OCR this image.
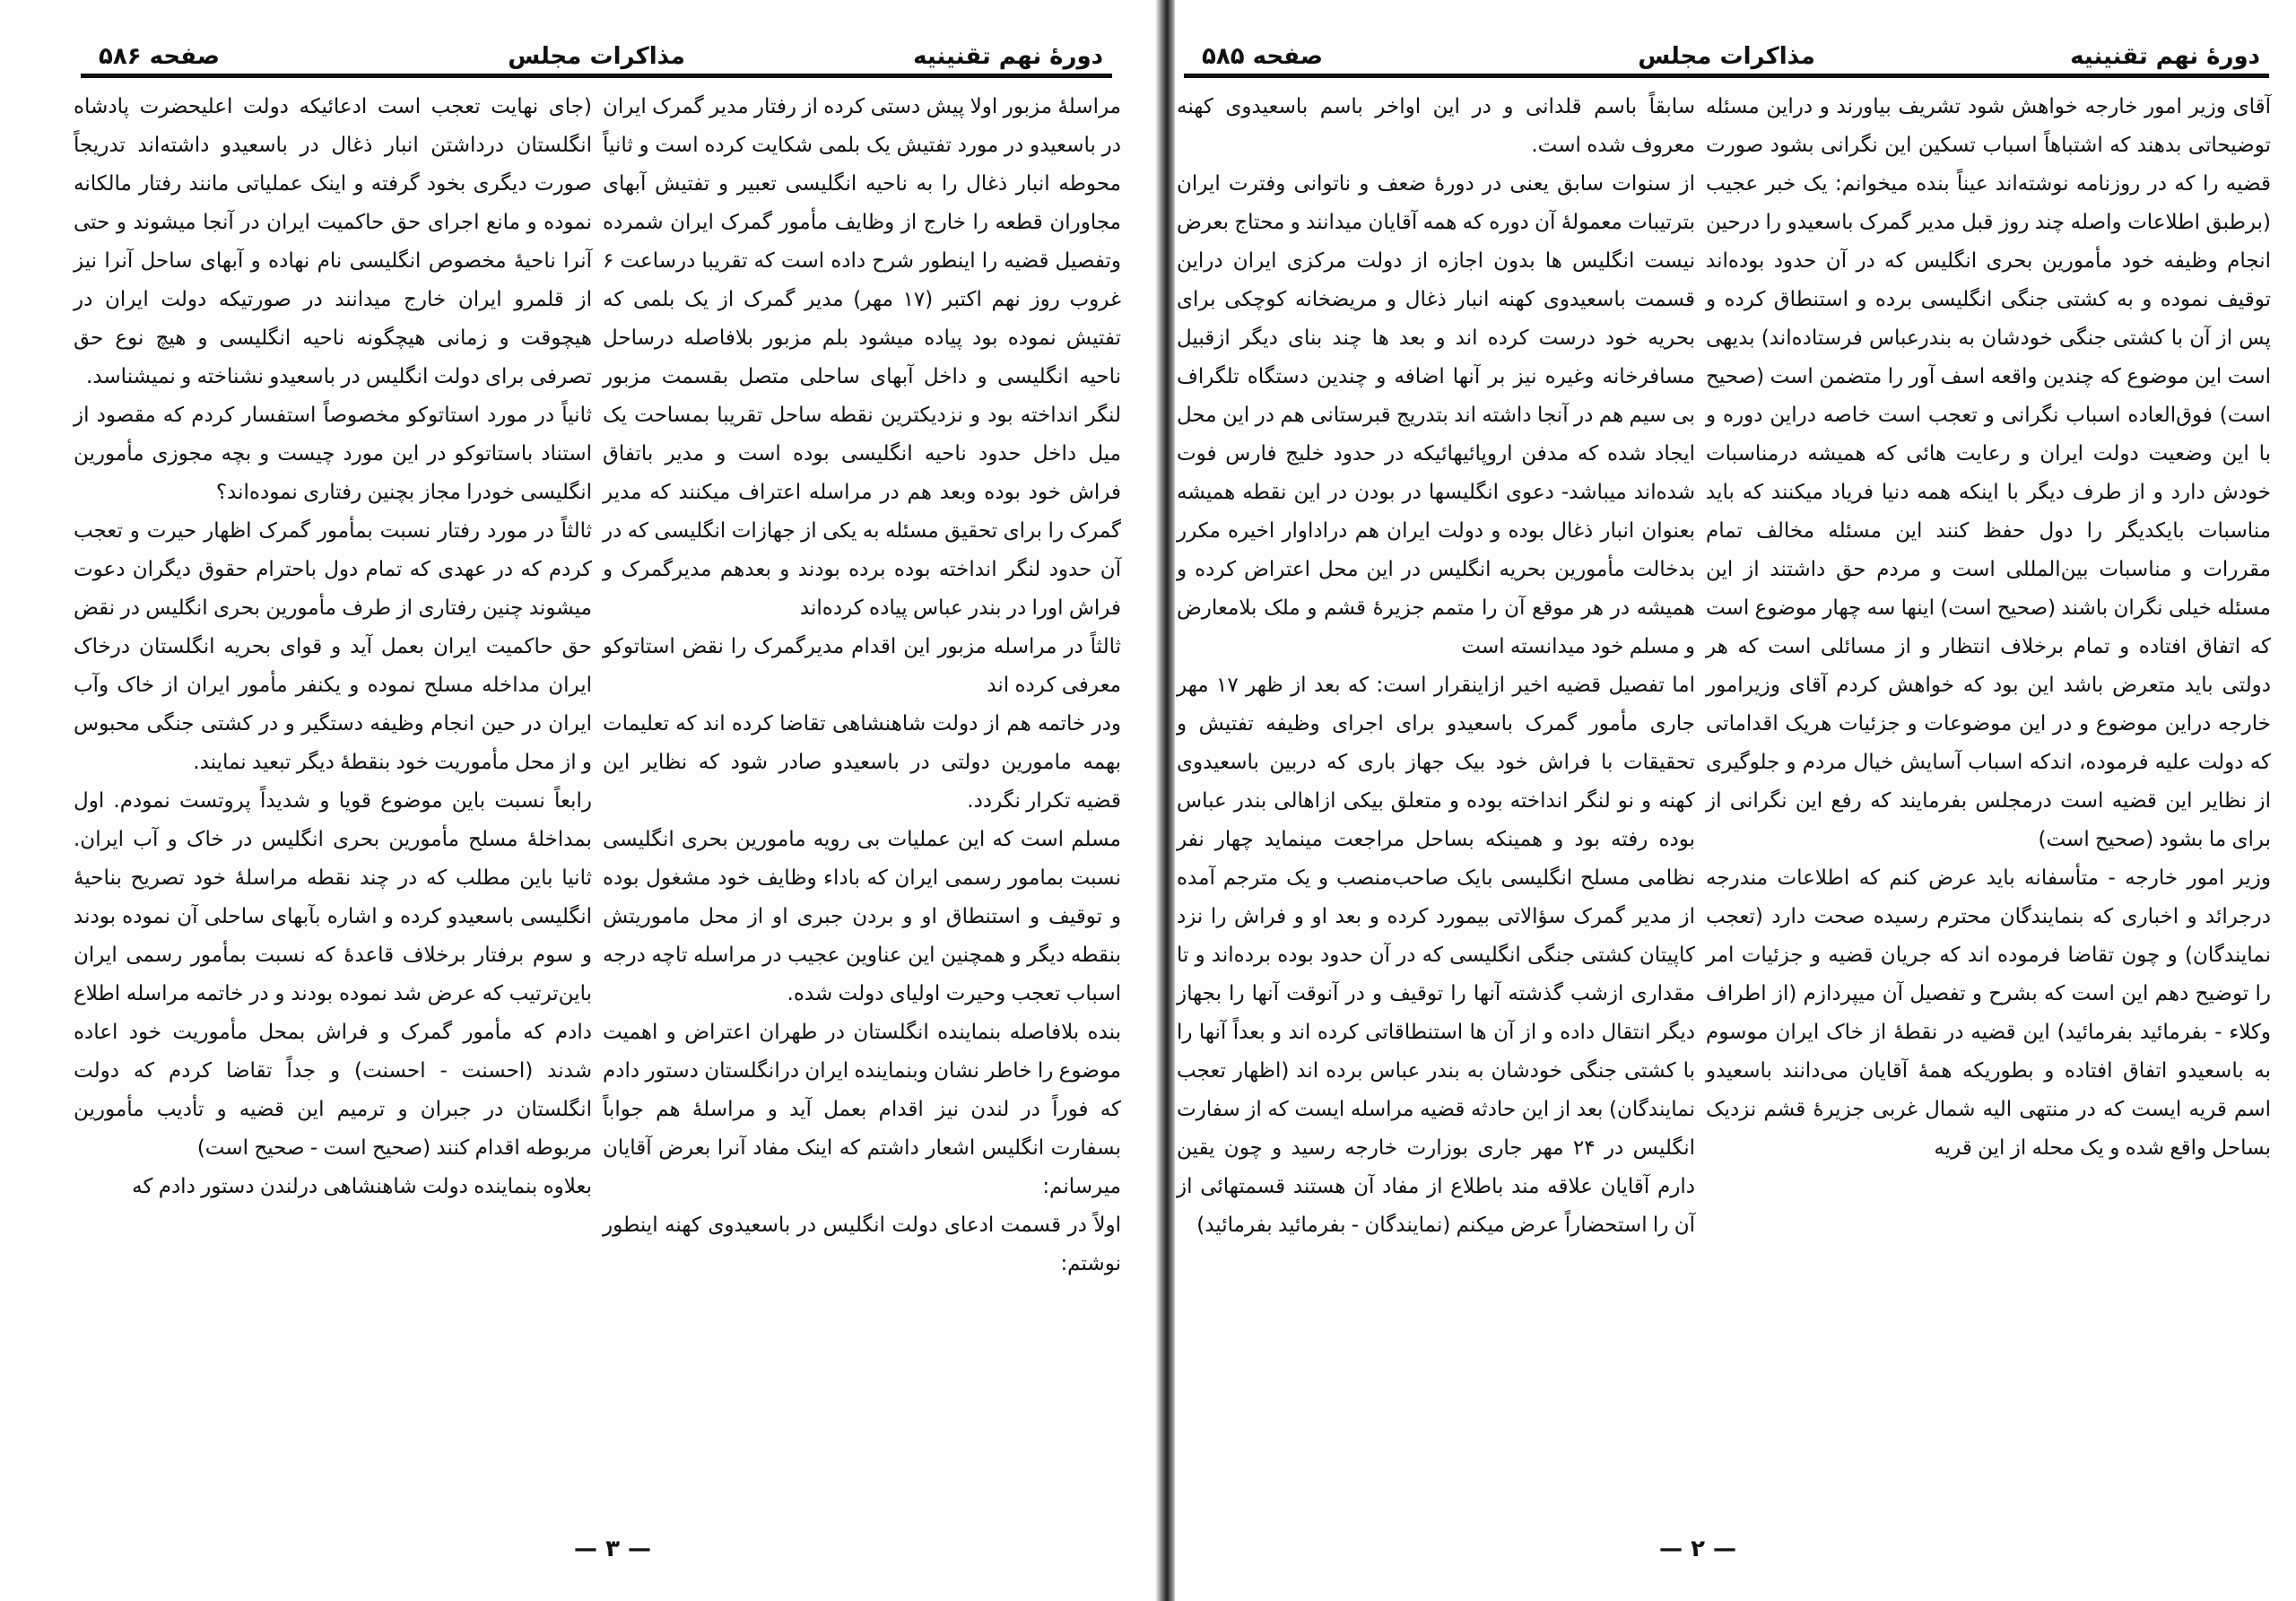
دورهٔ نهم تقنینیه
مذاکرات مجلس
صفحه ۵۸۶

مراسلهٔ مزبور اولا پیش دستی کرده از رفتار مدیر گمرک ایران در باسعیدو در مورد تفتیش یک بلمی شکایت کرده است و ثانیاً محوطه انبار ذغال را به ناحیه انگلیسی تعبیر و تفتیش آبهای مجاوران قطعه را خارج از وظایف مأمور گمرک ایران شمرده وتفصیل قضیه را اینطور شرح داده است که تقریبا درساعت ۶ غروب روز نهم اکتبر (۱۷ مهر) مدیر گمرک از یک بلمی که تفتیش نموده بود پیاده میشود بلم مزبور بلافاصله درساحل ناحیه انگلیسی و داخل آبهای ساحلی متصل بقسمت مزبور لنگر انداخته بود و نزدیکترین نقطه ساحل تقریبا بمساحت یک میل داخل حدود ناحیه انگلیسی بوده است و مدیر باتفاق فراش خود بوده وبعد هم در مراسله اعتراف میکنند که مدیر گمرک را برای تحقیق مسئله به یکی از جهازات انگلیسی که در آن حدود لنگر انداخته بوده برده بودند و بعدهم مدیرگمرک و فراش اورا در بندر عباس پیاده کرده‌اند

ثالثاً در مراسله مزبور این اقدام مدیرگمرک را نقض استاتوکو معرفی کرده اند

ودر خاتمه هم از دولت شاهنشاهی تقاضا کرده اند که تعلیمات بهمه مامورین دولتی در باسعیدو صادر شود که نظایر این قضیه تکرار نگردد.

مسلم است که این عملیات بی رویه مامورین بحری انگلیسی نسبت بمامور رسمی ایران که باداء وظایف خود مشغول بوده و توقیف و استنطاق او و بردن جبری او از محل ماموریتش بنقطه دیگر و همچنین این عناوین عجیب در مراسله تاچه درجه اسباب تعجب وحیرت اولیای دولت شده.

بنده بلافاصله بنماینده انگلستان در طهران اعتراض و اهمیت موضوع را خاطر نشان وبنماینده ایران درانگلستان دستور دادم که فوراً در لندن نیز اقدام بعمل آید و مراسلهٔ هم جواباً بسفارت انگلیس اشعار داشتم که اینک مفاد آنرا بعرض آقایان میرسانم:

اولاً در قسمت ادعای دولت انگلیس در باسعیدوی کهنه اینطور نوشتم:

(جای نهایت تعجب است ادعائیکه دولت اعلیحضرت پادشاه انگلستان درداشتن انبار ذغال در باسعیدو داشته‌اند تدریجاً صورت دیگری بخود گرفته و اینک عملیاتی مانند رفتار مالکانه نموده و مانع اجرای حق حاکمیت ایران در آنجا میشوند و حتی آنرا ناحیهٔ مخصوص انگلیسی نام نهاده و آبهای ساحل آنرا نیز از قلمرو ایران خارج میدانند در صورتیکه دولت ایران در هیچوقت و زمانی هیچگونه ناحیه انگلیسی و هیچ نوع حق تصرفی برای دولت انگلیس در باسعیدو نشناخته و نمیشناسد.

ثانیاً در مورد استاتوکو مخصوصاً استفسار کردم که مقصود از استناد باستاتوکو در این مورد چیست و بچه مجوزی مأمورین انگلیسی خودرا مجاز بچنین رفتاری نموده‌اند؟

ثالثاً در مورد رفتار نسبت بمأمور گمرک اظهار حیرت و تعجب کردم که در عهدی که تمام دول باحترام حقوق دیگران دعوت میشوند چنین رفتاری از طرف مأمورین بحری انگلیس در نقض حق حاکمیت ایران بعمل آید و قوای بحریه انگلستان درخاک ایران مداخله مسلح نموده و یکنفر مأمور ایران از خاک وآب ایران در حین انجام وظیفه دستگیر و در کشتی جنگی محبوس و از محل مأموریت خود بنقطهٔ دیگر تبعید نمایند.

رابعاً نسبت باین موضوع قویا و شدیداً پروتست نمودم. اول بمداخلهٔ مسلح مأمورین بحری انگلیس در خاک و آب ایران. ثانیا باین مطلب که در چند نقطه مراسلهٔ خود تصریح بناحیهٔ انگلیسی باسعیدو کرده و اشاره بآبهای ساحلی آن نموده بودند و سوم برفتار برخلاف قاعدهٔ که نسبت بمأمور رسمی ایران باین‌ترتیب که عرض شد نموده بودند و در خاتمه مراسله اطلاع دادم که مأمور گمرک و فراش بمحل مأموریت خود اعاده شدند (احسنت - احسنت) و جداً تقاضا کردم که دولت انگلستان در جبران و ترمیم این قضیه و تأدیب مأمورین مربوطه اقدام کنند (صحیح است - صحیح است)

بعلاوه بنماینده دولت شاهنشاهی درلندن دستور دادم که

— ۳ —
دورهٔ نهم تقنینیه
مذاکرات مجلس
صفحه ۵۸۵

آقای وزیر امور خارجه خواهش شود تشریف بیاورند و دراین مسئله توضیحاتی بدهند که اشتباهاً اسباب تسکین این نگرانی بشود صورت قضیه را که در روزنامه نوشته‌اند عیناً بنده میخوانم: یک خبر عجیب (برطبق اطلاعات واصله چند روز قبل مدیر گمرک باسعیدو را درحین انجام وظیفه خود مأمورین بحری انگلیس که در آن حدود بوده‌اند توقیف نموده و به کشتی جنگی انگلیسی برده و استنطاق کرده و پس از آن با کشتی جنگی خودشان به بندرعباس فرستاده‌اند) بدیهی است این موضوع که چندین واقعه اسف آور را متضمن است (صحیح است) فوق‌العاده اسباب نگرانی و تعجب است خاصه دراین دوره و با این وضعیت دولت ایران و رعایت هائی که همیشه درمناسبات خودش دارد و از طرف دیگر با اینکه همه دنیا فریاد میکنند که باید مناسبات بایکدیگر را دول حفظ کنند این مسئله مخالف تمام مقررات و مناسبات بین‌المللی است و مردم حق داشتند از این مسئله خیلی نگران باشند (صحیح است) اینها سه چهار موضوع است که اتفاق افتاده و تمام برخلاف انتظار و از مسائلی است که هر دولتی باید متعرض باشد این بود که خواهش کردم آقای وزیرامور خارجه دراین موضوع و در این موضوعات و جزئیات هریک اقداماتی که دولت علیه فرموده، اندکه اسباب آسایش خیال مردم و جلوگیری از نظایر این قضیه است درمجلس بفرمایند که رفع این نگرانی از برای ما بشود (صحیح است)

وزیر امور خارجه - متأسفانه باید عرض کنم که اطلاعات مندرجه درجرائد و اخباری که بنمایندگان محترم رسیده صحت دارد (تعجب نمایندگان) و چون تقاضا فرموده اند که جریان قضیه و جزئیات امر را توضیح دهم این است که بشرح و تفصیل آن میپردازم (از اطراف وکلاء - بفرمائید بفرمائید) این قضیه در نقطهٔ از خاک ایران موسوم به باسعیدو اتفاق افتاده و بطوریکه همهٔ آقایان می‌دانند باسعیدو اسم قریه ایست که در منتهی الیه شمال غربی جزیرهٔ قشم نزدیک بساحل واقع شده و یک محله از این قریه

سابقاً باسم قلدانی و در این اواخر باسم باسعیدوی کهنه معروف شده است.

از سنوات سابق یعنی در دورهٔ ضعف و ناتوانی وفترت ایران بترتیبات معمولهٔ آن دوره که همه آقایان میدانند و محتاج بعرض نیست انگلیس ها بدون اجازه از دولت مرکزی ایران دراین قسمت باسعیدوی کهنه انبار ذغال و مریضخانه کوچکی برای بحریه خود درست کرده اند و بعد ها چند بنای دیگر ازقبیل مسافرخانه وغیره نیز بر آنها اضافه و چندین دستگاه تلگراف بی سیم هم در آنجا داشته اند بتدریج قبرستانی هم در این محل ایجاد شده که مدفن اروپائیهائیکه در حدود خلیج فارس فوت شده‌اند میباشد- دعوی انگلیسها در بودن در این نقطه همیشه بعنوان انبار ذغال بوده و دولت ایران هم دراداوار اخیره مکرر بدخالت مأمورین بحریه انگلیس در این محل اعتراض کرده و همیشه در هر موقع آن را متمم جزیرهٔ قشم و ملک بلامعارض و مسلم خود میدانسته است

اما تفصیل قضیه اخیر ازاینقرار است: که بعد از ظهر ۱۷ مهر جاری مأمور گمرک باسعیدو برای اجرای وظیفه تفتیش و تحقیقات با فراش خود بیک جهاز باری که دربین باسعیدوی کهنه و نو لنگر انداخته بوده و متعلق بیکی ازاهالی بندر عباس بوده رفته بود و همینکه بساحل مراجعت مینماید چهار نفر نظامی مسلح انگلیسی بایک صاحب‌منصب و یک مترجم آمده از مدیر گمرک سؤالاتی بیمورد کرده و بعد او و فراش را نزد کاپیتان کشتی جنگی انگلیسی که در آن حدود بوده برده‌اند و تا مقداری ازشب گذشته آنها را توقیف و در آنوقت آنها را بجهاز دیگر انتقال داده و از آن ها استنطاقاتی کرده اند و بعداً آنها را با کشتی جنگی خودشان به بندر عباس برده اند (اظهار تعجب نمایندگان) بعد از این حادثه قضیه مراسله ایست که از سفارت انگلیس در ۲۴ مهر جاری بوزارت خارجه رسید و چون یقین دارم آقایان علاقه مند باطلاع از مفاد آن هستند قسمتهائی از آن را استحضاراً عرض میکنم (نمایندگان - بفرمائید بفرمائید)

— ۲ —
